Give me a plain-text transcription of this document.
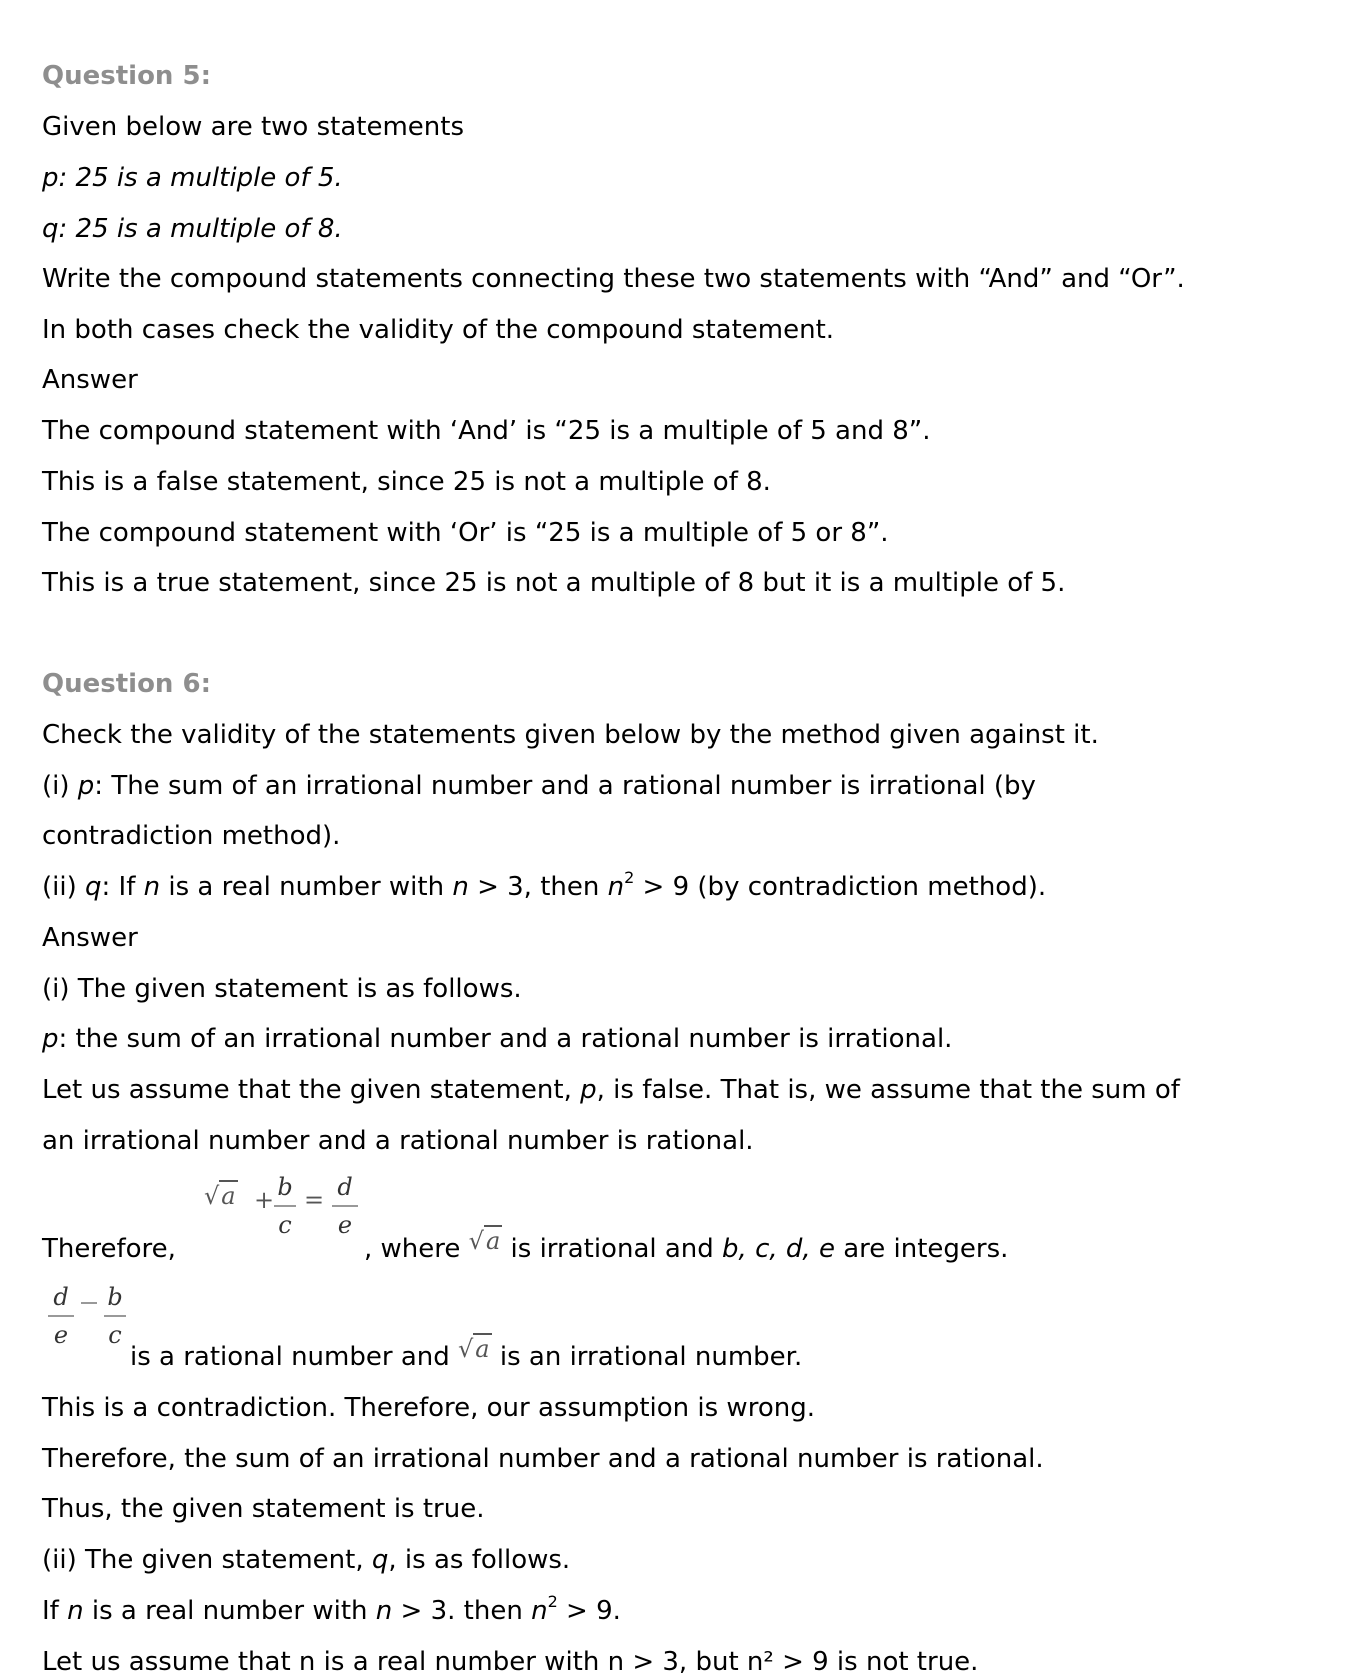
Question 5:
Given below are two statements
p: 25 is a multiple of 5.
q: 25 is a multiple of 8.
Write the compound statements connecting these two statements with “And” and “Or”.
In both cases check the validity of the compound statement.
Answer
The compound statement with ‘And’ is “25 is a multiple of 5 and 8”.
This is a false statement, since 25 is not a multiple of 8.
The compound statement with ‘Or’ is “25 is a multiple of 5 or 8”.
This is a true statement, since 25 is not a multiple of 8 but it is a multiple of 5.
Question 6:
Check the validity of the statements given below by the method given against it.
(i) p: The sum of an irrational number and a rational number is irrational (by
contradiction method).
(ii) q: If n is a real number with n > 3, then $n^2 > 9$ (by contradiction method).
Answer
(i) The given statement is as follows.
p: the sum of an irrational number and a rational number is irrational.
Let us assume that the given statement, p, is false. That is, we assume that the sum of
an irrational number and a rational number is rational.
Therefore,
√a + b
c
= d
e
, where √a is irrational and b, c, d, e are integers.
d
e
b
c
is a rational number and √a is an irrational number.
This is a contradiction. Therefore, our assumption is wrong.
Therefore, the sum of an irrational number and a rational number is rational.
Thus, the given statement is true.
(ii) The given statement, q, is as follows.
If n is a real number with n > 3. then $n^2 > 9$.
Let us assume that n is a real number with n > 3, but n² > 9 is not true.
